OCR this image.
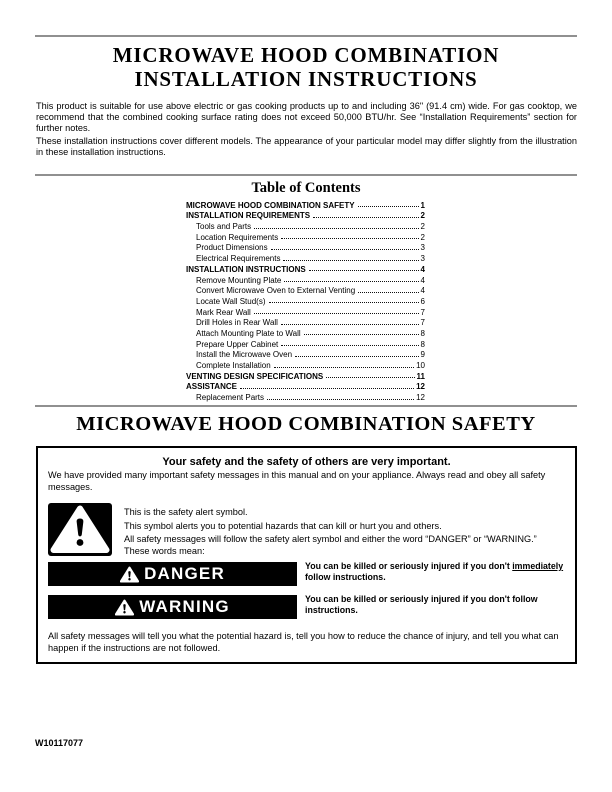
MICROWAVE HOOD COMBINATION
INSTALLATION INSTRUCTIONS

This product is suitable for use above electric or gas cooking products up to and including 36" (91.4 cm) wide. For gas cooktop, we recommend that the combined cooking surface rating does not exceed 50,000 BTU/hr. See “Installation Requirements” section for further notes.

These installation instructions cover different models. The appearance of your particular model may differ slightly from the illustration in these installation instructions.

Table of Contents
MICROWAVE HOOD COMBINATION SAFETY	1
INSTALLATION REQUIREMENTS	2
Tools and Parts	2
Location Requirements	2
Product Dimensions	3
Electrical Requirements	3
INSTALLATION INSTRUCTIONS	4
Remove Mounting Plate	4
Convert Microwave Oven to External Venting	4
Locate Wall Stud(s)	6
Mark Rear Wall	7
Drill Holes in Rear Wall	7
Attach Mounting Plate to Wall	8
Prepare Upper Cabinet	8
Install the Microwave Oven	9
Complete Installation	10
VENTING DESIGN SPECIFICATIONS	11
ASSISTANCE	12
Replacement Parts	12
MICROWAVE HOOD COMBINATION SAFETY
Your safety and the safety of others are very important.

We have provided many important safety messages in this manual and on your appliance. Always read and obey all safety messages.

This is the safety alert symbol.
This symbol alerts you to potential hazards that can kill or hurt you and others.
All safety messages will follow the safety alert symbol and either the word “DANGER” or “WARNING.”
These words mean:
DANGER	You can be killed or seriously injured if you don't immediately follow instructions.
WARNING	You can be killed or seriously injured if you don't follow instructions.

All safety messages will tell you what the potential hazard is, tell you how to reduce the chance of injury, and tell you what can happen if the instructions are not followed.

W10117077
